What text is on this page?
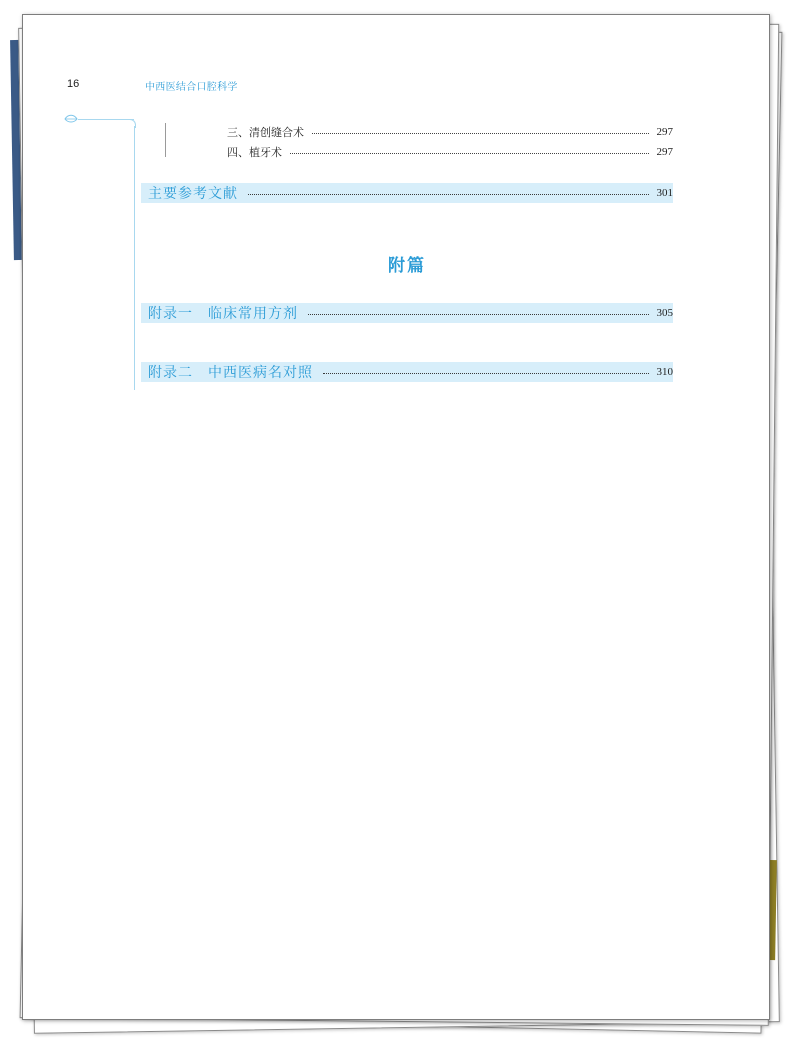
16	中西医结合口腔科学
三、清创缝合术	297
四、植牙术	297
主要参考文献	301
附篇
附录一　临床常用方剂	305
附录二　中西医病名对照	310
